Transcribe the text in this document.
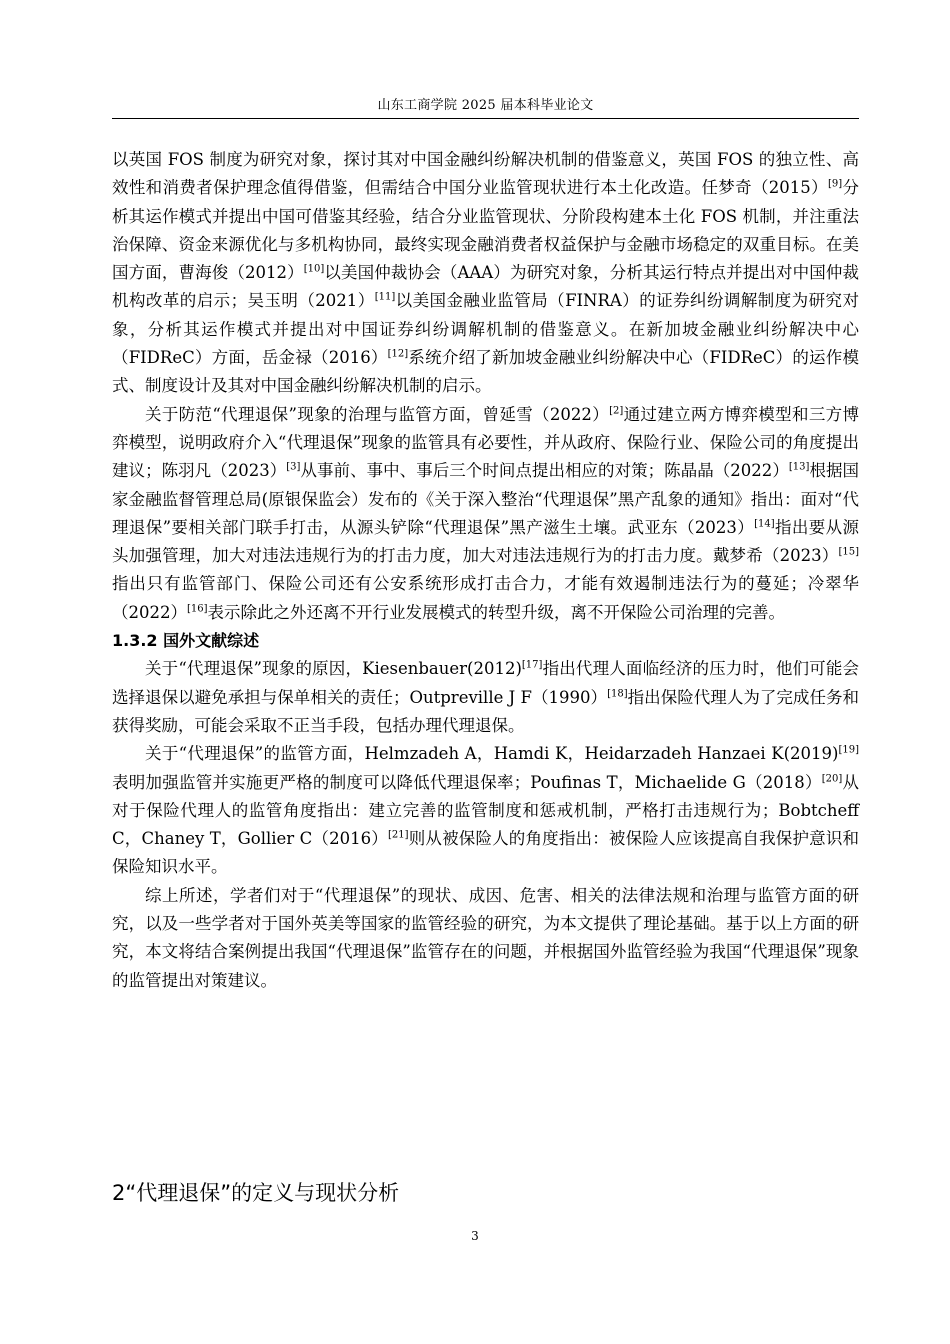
山东工商学院 2025 届本科毕业论文

以英国 FOS 制度为研究对象，探讨其对中国金融纠纷解决机制的借鉴意义，英国 FOS 的独立性、高效性和消费者保护理念值得借鉴，但需结合中国分业监管现状进行本土化改造。任梦奇（2015）[9]分析其运作模式并提出中国可借鉴其经验，结合分业监管现状、分阶段构建本土化 FOS 机制，并注重法治保障、资金来源优化与多机构协同，最终实现金融消费者权益保护与金融市场稳定的双重目标。在美国方面，曹海俊（2012）[10]以美国仲裁协会（AAA）为研究对象，分析其运行特点并提出对中国仲裁机构改革的启示；吴玉明（2021）[11]以美国金融业监管局（FINRA）的证券纠纷调解制度为研究对象，分析其运作模式并提出对中国证券纠纷调解机制的借鉴意义。在新加坡金融业纠纷解决中心（FIDReC）方面，岳金禄（2016）[12]系统介绍了新加坡金融业纠纷解决中心（FIDReC）的运作模式、制度设计及其对中国金融纠纷解决机制的启示。

关于防范“代理退保”现象的治理与监管方面，曾延雪（2022）[2]通过建立两方博弈模型和三方博弈模型，说明政府介入“代理退保”现象的监管具有必要性，并从政府、保险行业、保险公司的角度提出建议；陈羽凡（2023）[3]从事前、事中、事后三个时间点提出相应的对策；陈晶晶（2022）[13]根据国家金融监督管理总局(原银保监会）发布的《关于深入整治“代理退保”黑产乱象的通知》指出：面对“代理退保”要相关部门联手打击，从源头铲除“代理退保”黑产滋生土壤。武亚东（2023）[14]指出要从源头加强管理，加大对违法违规行为的打击力度，加大对违法违规行为的打击力度。戴梦希（2023）[15]指出只有监管部门、保险公司还有公安系统形成打击合力，才能有效遏制违法行为的蔓延；冷翠华（2022）[16]表示除此之外还离不开行业发展模式的转型升级，离不开保险公司治理的完善。

1.3.2 国外文献综述

关于“代理退保”现象的原因，Kiesenbauer(2012)[17]指出代理人面临经济的压力时，他们可能会选择退保以避免承担与保单相关的责任；Outpreville J F（1990）[18]指出保险代理人为了完成任务和获得奖励，可能会采取不正当手段，包括办理代理退保。

关于“代理退保”的监管方面，Helmzadeh A，Hamdi K，Heidarzadeh Hanzaei K(2019)[19]表明加强监管并实施更严格的制度可以降低代理退保率；Poufinas T，Michaelide G（2018）[20]从对于保险代理人的监管角度指出：建立完善的监管制度和惩戒机制，严格打击违规行为；Bobtcheff C，Chaney T，Gollier C（2016）[21]则从被保险人的角度指出：被保险人应该提高自我保护意识和保险知识水平。

综上所述，学者们对于“代理退保”的现状、成因、危害、相关的法律法规和治理与监管方面的研究，以及一些学者对于国外英美等国家的监管经验的研究，为本文提供了理论基础。基于以上方面的研究，本文将结合案例提出我国“代理退保”监管存在的问题，并根据国外监管经验为我国“代理退保”现象的监管提出对策建议。

2“代理退保”的定义与现状分析
3
